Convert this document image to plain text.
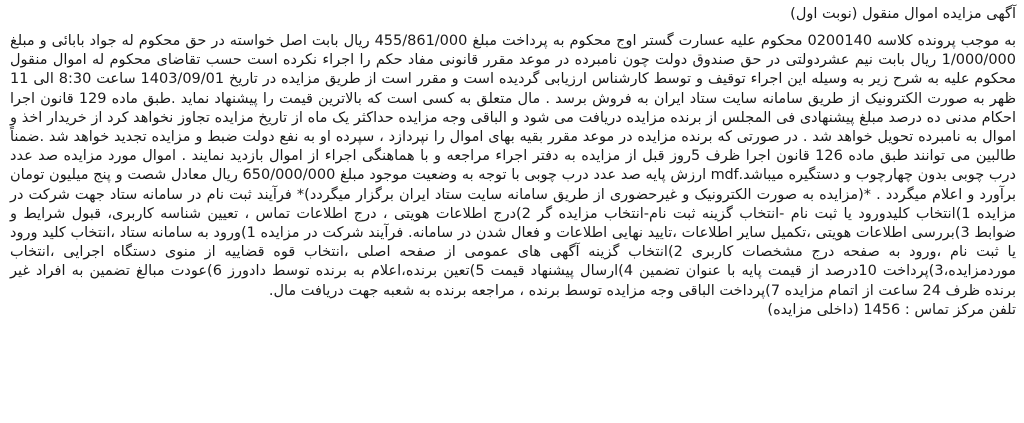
آگهی مزایده اموال منقول (نوبت اول)

به موجب پرونده کلاسه 0200140 محکوم علیه عسارت گستر اوج محکوم به پرداخت مبلغ 455/861/000 ریال بابت اصل خواسته در حق محکوم له جواد بابائی و مبلغ 1/000/000 ریال بابت نیم عشردولتی در حق صندوق دولت چون نامبرده در موعد مقرر قانونی مفاد حکم را اجراء نکرده است حسب تقاضای محکوم له اموال منقول محکوم علیه به شرح زیر به وسیله این اجراء توقیف و توسط کارشناس ارزیابی گردیده است و مقرر است از طریق مزایده در تاریخ 1403/09/01 ساعت 8:30 الی 11 ظهر به صورت الکترونیک از طریق سامانه سایت ستاد ایران به فروش برسد . مال متعلق به کسی است که بالاترین قیمت را پیشنهاد نماید .طبق ماده 129 قانون اجرا احکام مدنی ده درصد مبلغ پیشنهادی فی المجلس از برنده مزایده دریافت می شود و الباقی وجه مزایده حداکثر یک ماه از تاریخ مزایده تجاوز نخواهد کرد از خریدار اخذ و اموال به نامبرده تحویل خواهد شد . در صورتی که برنده مزایده در موعد مقرر بقیه بهای اموال را نپردازد ، سپرده او به نفع دولت ضبط و مزایده تجدید خواهد شد .ضمناً طالبین می توانند طبق ماده 126 قانون اجرا ظرف 5روز قبل از مزایده به دفتر اجراء مراجعه و با هماهنگی اجراء از اموال بازدید نمایند . اموال مورد مزایده صد عدد درب چوبی بدون چهارچوب و دستگیره میباشد.mdf ارزش پایه صد عدد درب چوبی با توجه به وضعیت موجود مبلغ 650/000/000 ریال معادل شصت و پنج میلیون تومان برآورد و اعلام میگردد . *(مزایده به صورت الکترونیک و غیرحضوری از طریق سامانه سایت ستاد ایران برگزار میگردد)* فرآیند ثبت نام در سامانه ستاد جهت شرکت در مزایده 1)انتخاب کلیدورود یا ثبت نام -انتخاب گزینه ثبت نام-انتخاب مزایده گر 2)درج اطلاعات هویتی ، درج اطلاعات تماس ، تعیین شناسه کاربری، قبول شرایط و ضوابط 3)بررسی اطلاعات هویتی ،تکمیل سایر اطلاعات ،تایید نهایی اطلاعات و فعال شدن در سامانه. فرآیند شرکت در مزایده 1)ورود به سامانه ستاد ،انتخاب کلید ورود یا ثبت نام ،ورود به صفحه درج مشخصات کاربری 2)انتخاب گزینه آگهی های عمومی از صفحه اصلی ،انتخاب قوه قضاییه از منوی دستگاه اجرایی ،انتخاب موردمزایده،3)پرداخت 10درصد از قیمت پایه با عنوان تضمین 4)ارسال پیشنهاد قیمت 5)تعین برنده،اعلام به برنده توسط دادورز 6)عودت مبالغ تضمین به افراد غیر برنده ظرف 24 ساعت از اتمام مزایده 7)پرداخت الباقی وجه مزایده توسط برنده ، مراجعه برنده به شعبه جهت دریافت مال.

تلفن مرکز تماس : 1456 (داخلی مزایده)
